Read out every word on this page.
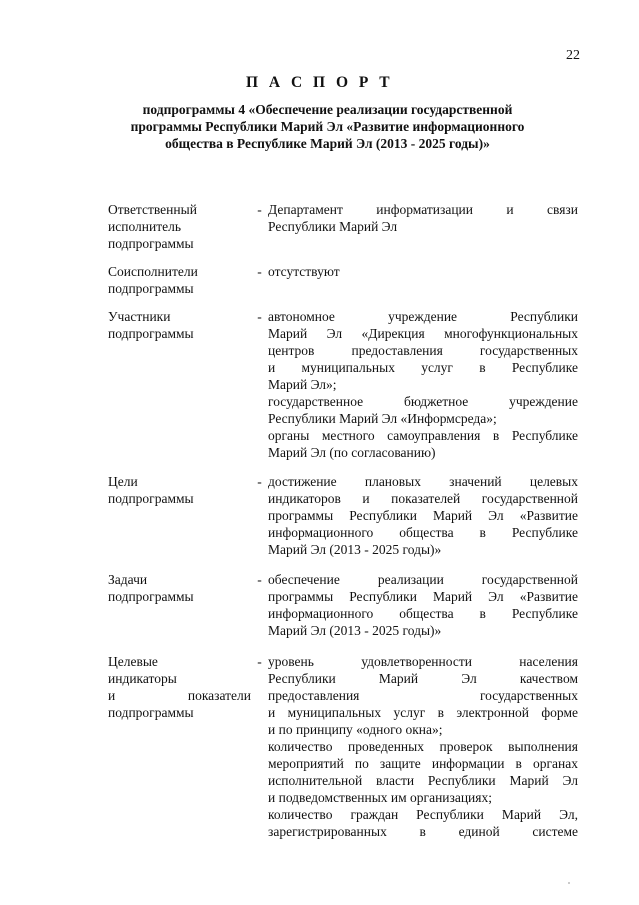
22
П А С П О Р Т
подпрограммы 4 «Обеспечение реализации государственной
программы Республики Марий Эл «Развитие информационного
общества в Республике Марий Эл (2013 - 2025 годы)»
Ответственный
исполнитель
подпрограммы
- Департамент информатизации и связи
Республики Марий Эл
Соисполнители
подпрограммы
- отсутствуют
Участники
подпрограммы
- автономное учреждение Республики
Марий Эл «Дирекция многофункциональных
центров предоставления государственных
и муниципальных услуг в Республике
Марий Эл»;
государственное бюджетное учреждение
Республики Марий Эл «Информсреда»;
органы местного самоуправления в Республике
Марий Эл (по согласованию)
Цели
подпрограммы
- достижение плановых значений целевых
индикаторов и показателей государственной
программы Республики Марий Эл «Развитие
информационного общества в Республике
Марий Эл (2013 - 2025 годы)»
Задачи
подпрограммы
- обеспечение реализации государственной
программы Республики Марий Эл «Развитие
информационного общества в Республике
Марий Эл (2013 - 2025 годы)»
Целевые
индикаторы
и показатели
подпрограммы
- уровень удовлетворенности населения
Республики Марий Эл качеством
предоставления государственных
и муниципальных услуг в электронной форме
и по принципу «одного окна»;
количество проведенных проверок выполнения
мероприятий по защите информации в органах
исполнительной власти Республики Марий Эл
и подведомственных им организациях;
количество граждан Республики Марий Эл,
зарегистрированных в единой системе
